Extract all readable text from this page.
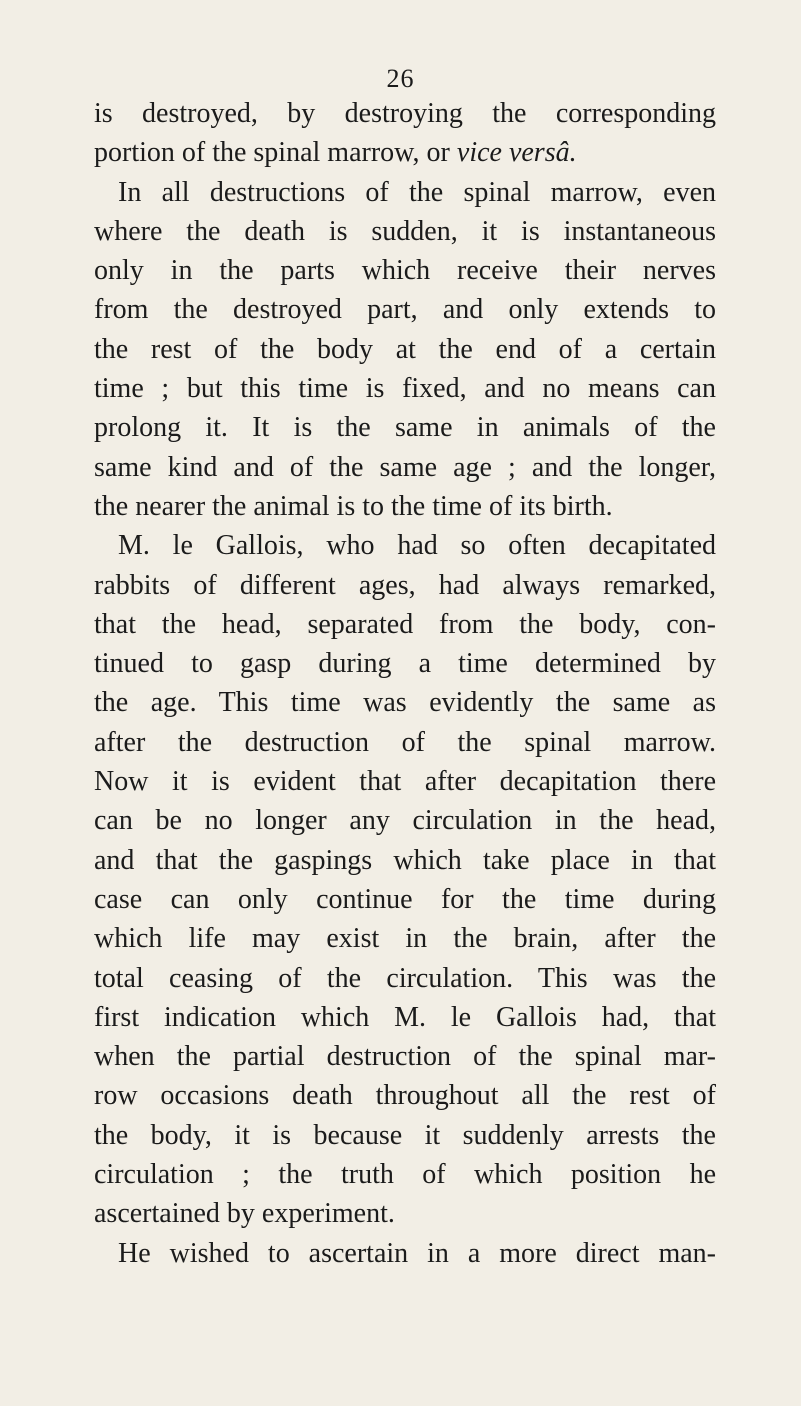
26
is destroyed, by destroying the corresponding
portion of the spinal marrow, or vice versâ.
In all destructions of the spinal marrow, even
where the death is sudden, it is instantaneous
only in the parts which receive their nerves
from the destroyed part, and only extends to
the rest of the body at the end of a certain
time ; but this time is fixed, and no means can
prolong it. It is the same in animals of the
same kind and of the same age ; and the longer,
the nearer the animal is to the time of its birth.
M. le Gallois, who had so often decapitated
rabbits of different ages, had always remarked,
that the head, separated from the body, con-
tinued to gasp during a time determined by
the age. This time was evidently the same as
after the destruction of the spinal marrow.
Now it is evident that after decapitation there
can be no longer any circulation in the head,
and that the gaspings which take place in that
case can only continue for the time during
which life may exist in the brain, after the
total ceasing of the circulation. This was the
first indication which M. le Gallois had, that
when the partial destruction of the spinal mar-
row occasions death throughout all the rest of
the body, it is because it suddenly arrests the
circulation ; the truth of which position he
ascertained by experiment.
He wished to ascertain in a more direct man-
